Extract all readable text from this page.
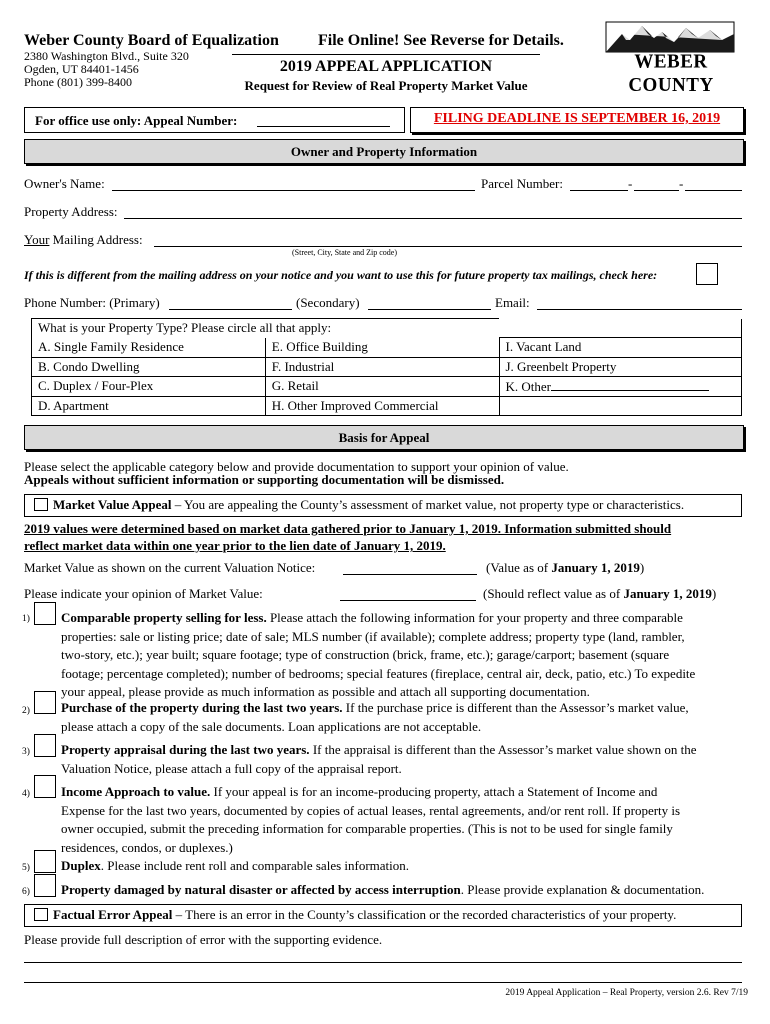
Weber County Board of Equalization
2380 Washington Blvd., Suite 320
Ogden, UT 84401-1456
Phone (801) 399-8400
File Online! See Reverse for Details.
2019 APPEAL APPLICATION
Request for Review of Real Property Market Value
WEBER COUNTY
For office use only: Appeal Number:	FILING DEADLINE IS SEPTEMBER 16, 2019
Owner and Property Information
Owner's Name:	Parcel Number:	-	-
Property Address:
Your Mailing Address:
(Street, City, State and Zip code)
If this is different from the mailing address on your notice and you want to use this for future property tax mailings, check here:
Phone Number: (Primary)	(Secondary)	Email:
What is your Property Type? Please circle all that apply:		
A. Single Family Residence	E. Office Building	I. Vacant Land
B. Condo Dwelling	F. Industrial	J. Greenbelt Property
C. Duplex / Four-Plex	G. Retail	K. Other
D. Apartment	H. Other Improved Commercial	
Basis for Appeal
Please select the applicable category below and provide documentation to support your opinion of value.
Appeals without sufficient information or supporting documentation will be dismissed.
Market Value Appeal – You are appealing the County’s assessment of market value, not property type or characteristics.
2019 values were determined based on market data gathered prior to January 1, 2019. Information submitted should
reflect market data within one year prior to the lien date of January 1, 2019.
Market Value as shown on the current Valuation Notice:	(Value as of January 1, 2019)
Please indicate your opinion of Market Value:	(Should reflect value as of January 1, 2019)
1) Comparable property selling for less. Please attach the following information for your property and three comparable
properties: sale or listing price; date of sale; MLS number (if available); complete address; property type (land, rambler,
two-story, etc.); year built; square footage; type of construction (brick, frame, etc.); garage/carport; basement (square
footage; percentage completed); number of bedrooms; special features (fireplace, central air, deck, patio, etc.) To expedite
your appeal, please provide as much information as possible and attach all supporting documentation.
2) Purchase of the property during the last two years. If the purchase price is different than the Assessor’s market value,
please attach a copy of the sale documents. Loan applications are not acceptable.
3) Property appraisal during the last two years. If the appraisal is different than the Assessor’s market value shown on the
Valuation Notice, please attach a full copy of the appraisal report.
4) Income Approach to value. If your appeal is for an income-producing property, attach a Statement of Income and
Expense for the last two years, documented by copies of actual leases, rental agreements, and/or rent roll. If property is
owner occupied, submit the preceding information for comparable properties. (This is not to be used for single family
residences, condos, or duplexes.)
5) Duplex. Please include rent roll and comparable sales information.
6) Property damaged by natural disaster or affected by access interruption. Please provide explanation & documentation.
Factual Error Appeal – There is an error in the County’s classification or the recorded characteristics of your property.
Please provide full description of error with the supporting evidence.
2019 Appeal Application – Real Property, version 2.6. Rev 7/19
